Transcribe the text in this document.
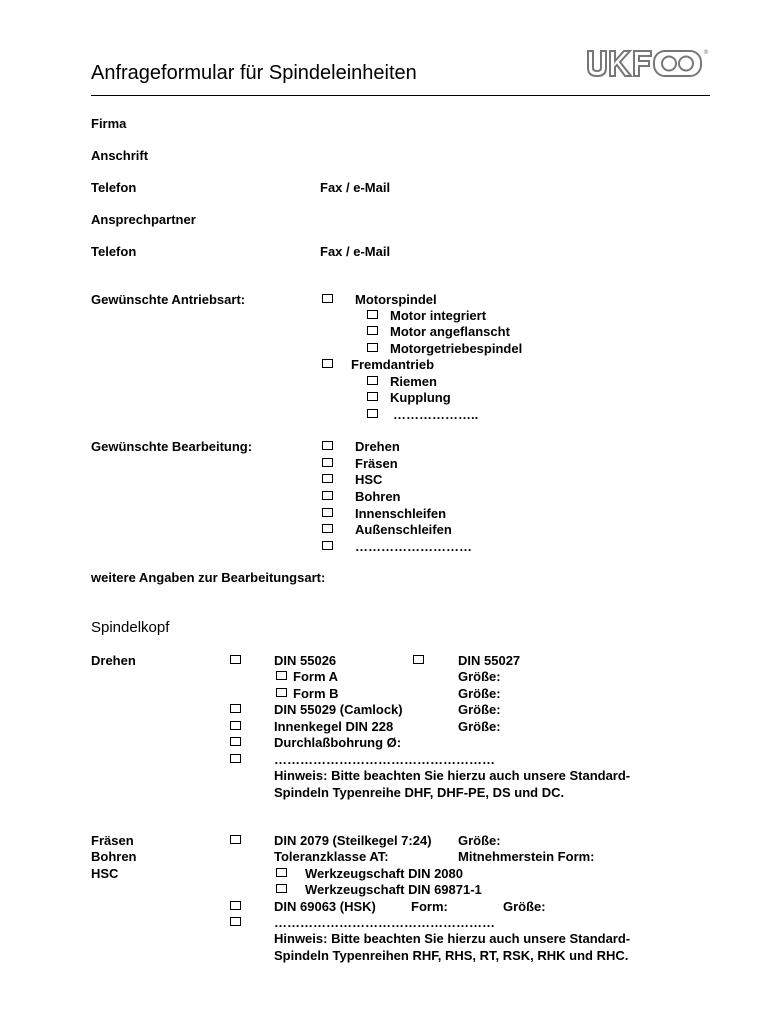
Anfrageformular für Spindeleinheiten
®
Firma
Anschrift
Telefon	Fax / e-Mail
Ansprechpartner
Telefon	Fax / e-Mail
Gewünschte Antriebsart:	Motorspindel
Motor integriert
Motor angeflanscht
Motorgetriebespindel
Fremdantrieb
Riemen
Kupplung
………………..
Gewünschte Bearbeitung:	Drehen
Fräsen
HSC
Bohren
Innenschleifen
Außenschleifen
………………………
weitere Angaben zur Bearbeitungsart:
Spindelkopf
Drehen	DIN 55026	DIN 55027
Form A	Größe:
Form B	Größe:
DIN 55029 (Camlock)	Größe:
Innenkegel DIN 228	Größe:
Durchlaßbohrung Ø:
……………………………………………
Hinweis: Bitte beachten Sie hierzu auch unsere Standard-
Spindeln Typenreihe DHF, DHF-PE, DS und DC.
Fräsen
Bohren
HSC
DIN 2079 (Steilkegel 7:24) Größe:
Toleranzklasse AT:	Mitnehmerstein Form:
Werkzeugschaft DIN 2080
Werkzeugschaft DIN 69871-1
DIN 69063 (HSK)	Form:	Größe:
……………………………………………
Hinweis: Bitte beachten Sie hierzu auch unsere Standard-
Spindeln Typenreihen RHF, RHS, RT, RSK, RHK und RHC.
